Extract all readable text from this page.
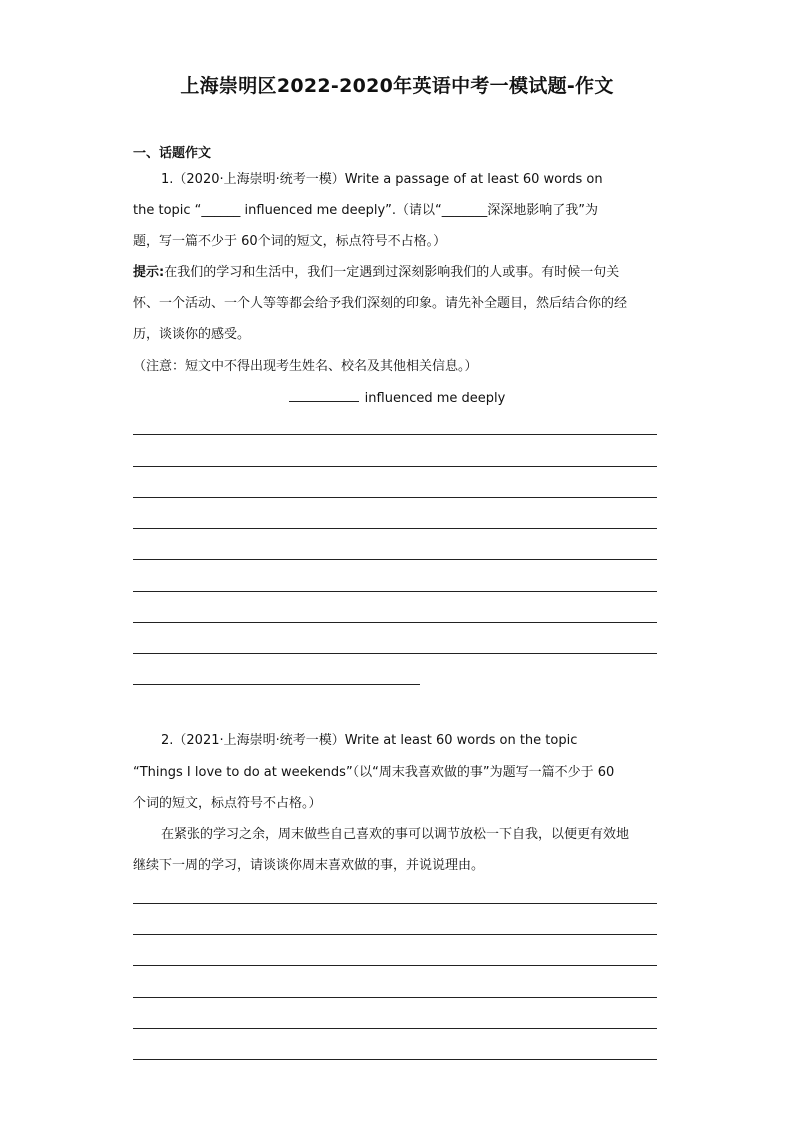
上海崇明区2022-2020年英语中考一模试题-作文
一、话题作文
1.（2020·上海崇明·统考一模）Write a passage of at least 60 words on
the topic “______ influenced me deeply”.（请以“_______深深地影响了我”为
题，写一篇不少于 60个词的短文，标点符号不占格。）
提示:在我们的学习和生活中，我们一定遇到过深刻影响我们的人或事。有时候一句关
怀、一个活动、一个人等等都会给予我们深刻的印象。请先补全题目，然后结合你的经
历，谈谈你的感受。
（注意：短文中不得出现考生姓名、校名及其他相关信息。）
influenced me deeply
2.（2021·上海崇明·统考一模）Write at least 60 words on the topic
“Things I love to do at weekends”（以“周末我喜欢做的事”为题写一篇不少于 60
个词的短文，标点符号不占格。）
在紧张的学习之余，周末做些自己喜欢的事可以调节放松一下自我，以便更有效地
继续下一周的学习，请谈谈你周末喜欢做的事，并说说理由。
